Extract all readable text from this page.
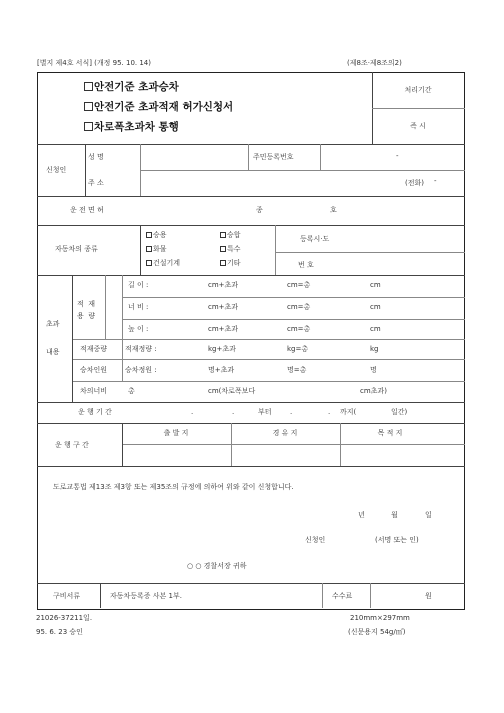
[별지 제4호 서식] (개정 95. 10. 14)	(제8조·제8조의2)
안전기준 초과승차
안전기준 초과적재 허가신청서
차로폭초과차 통행
처리기간
즉 시
신청인
성 명	주민등록번호	-
주 소	(전화) -
운 전 면 허	종	호
자동차의 종류
승용	승합
화물	특수
건설기계	기타
등록시·도
번 호
초과
내용
적  재
용  량
길 이 :	cm+초과	cm=총	cm
너 비 :	cm+초과	cm=총	cm
높 이 :	cm+초과	cm=총	cm
적재중량	적재정량 :	kg+초과	kg=총	kg
승차인원	승차정원 :	명+초과	명=총	명
차의너비	총	cm(차로폭보다	cm초과)
운 행 기 간	.	.	부터	.	. 까지(	일간)
운 행 구 간
출 발 지	경 유 지	목 적 지
도로교통법 제13조 제3항 또는 제35조의 규정에 의하여 위와 같이 신청합니다.
년	월	일
신청인	(서명 또는 인)
○ ○ 경찰서장 귀하
구비서류	자동차등록증 사본 1부.	수수료	원
21026-37211일.	210mm×297mm
95. 6. 23 승인	(신문용지 54g/㎡)
